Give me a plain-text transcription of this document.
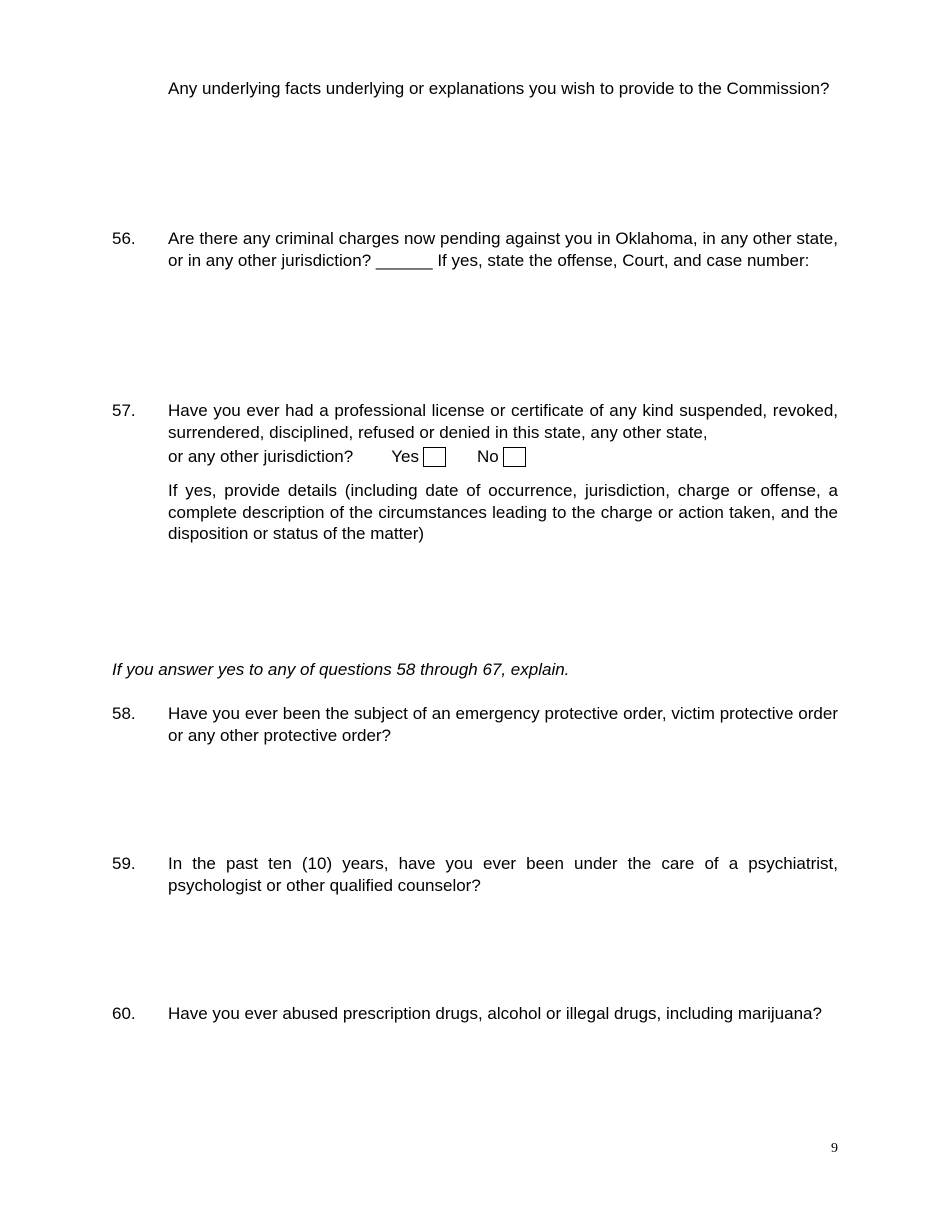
Any underlying facts underlying or explanations you wish to provide to the Commission?
56. Are there any criminal charges now pending against you in Oklahoma, in any other state, or in any other jurisdiction? ______ If yes, state the offense, Court, and case number:
57. Have you ever had a professional license or certificate of any kind suspended, revoked, surrendered, disciplined, refused or denied in this state, any other state,
or any other jurisdiction? Yes	No
If yes, provide details (including date of occurrence, jurisdiction, charge or offense, a complete description of the circumstances leading to the charge or action taken, and the disposition or status of the matter)
If you answer yes to any of questions 58 through 67, explain.
58. Have you ever been the subject of an emergency protective order, victim protective order or any other protective order?
59. In the past ten (10) years, have you ever been under the care of a psychiatrist, psychologist or other qualified counselor?
60. Have you ever abused prescription drugs, alcohol or illegal drugs, including marijuana?
9
